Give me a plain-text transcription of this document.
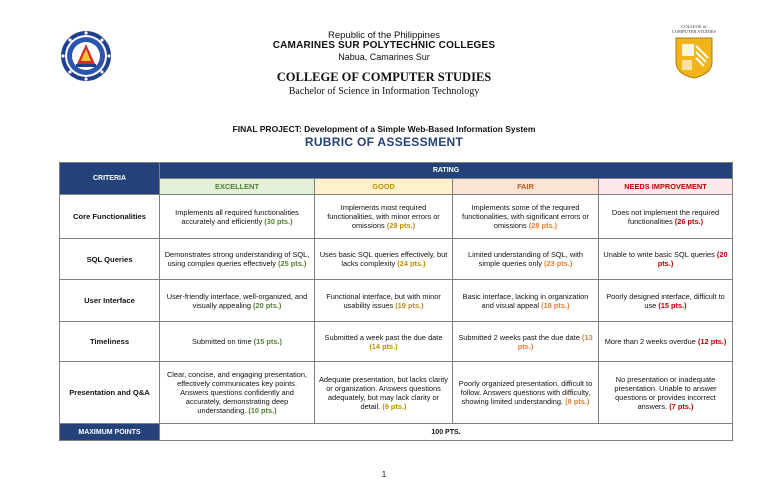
COLLEGE of
COMPUTER STUDIES
Republic of the Philippines
CAMARINES SUR POLYTECHNIC COLLEGES
Nabua, Camarines Sur
COLLEGE OF COMPUTER STUDIES
Bachelor of Science in Information Technology
FINAL PROJECT: Development of a Simple Web-Based Information System
RUBRIC OF ASSESSMENT
CRITERIA	RATING			
	EXCELLENT	GOOD	FAIR	NEEDS IMPROVEMENT
Core Functionalities	Implements all required functionalities accurately and efficiently (30 pts.)	Implements most required functionalities, with minor errors or omissions (29 pts.)	Implements some of the required functionalities, with significant errors or omissions (28 pts.)	Does not implement the required functionalities (26 pts.)
SQL Queries	Demonstrates strong understanding of SQL, using complex queries effectively (25 pts.)	Uses basic SQL queries effectively, but lacks complexity (24 pts.)	Limited understanding of SQL, with simple queries only (23 pts.)	Unable to write basic SQL queries (20 pts.)
User Interface	User-friendly interface, well-organized, and visually appealing (20 pts.)	Functional interface, but with minor usability issues (19 pts.)	Basic interface, lacking in organization and visual appeal (18 pts.)	Poorly designed interface, difficult to use (15 pts.)
Timeliness	Submitted on time (15 pts.)	Submitted a week past the due date (14 pts.)	Submitted 2 weeks past the due date (13 pts.)	More than 2 weeks overdue (12 pts.)
Presentation and Q&A	Clear, concise, and engaging presentation, effectively communicates key points. Answers questions confidently and accurately, demonstrating deep understanding. (10 pts.)	Adequate presentation, but lacks clarity or organization. Answers questions adequately, but may lack clarity or detail. (9 pts.)	Poorly organized presentation, difficult to follow. Answers questions with difficulty, showing limited understanding. (8 pts.)	No presentation or inadequate presentation. Unable to answer questions or provides incorrect answers. (7 pts.)
MAXIMUM POINTS	100 PTS.			
1
